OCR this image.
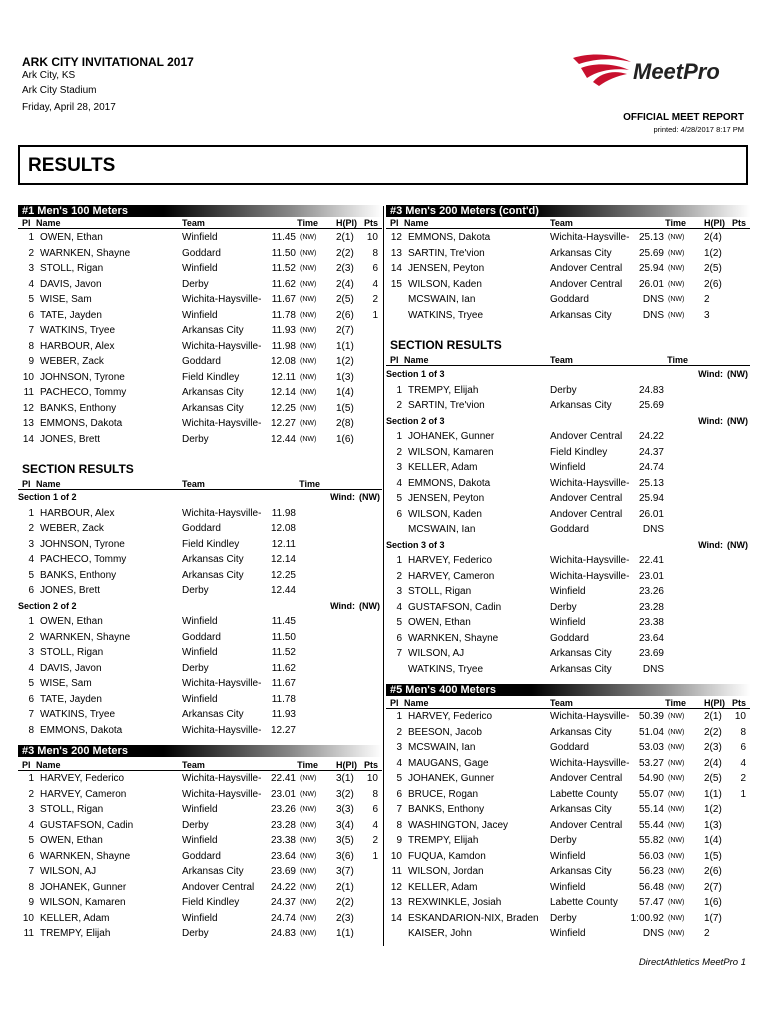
ARK CITY INVITATIONAL 2017
Ark City, KS
Ark City Stadium
Friday, April 28, 2017
MeetPro
OFFICIAL MEET REPORT
printed: 4/28/2017 8:17 PM
RESULTS
#1 Men's 100 Meters
Pl Name	Team	Time H(Pl) Pts
1 OWEN, Ethan	Winfield	11.45 (NW) 2(1)	10
2 WARNKEN, Shayne	Goddard	11.50 (NW) 2(2)	8
3 STOLL, Rigan	Winfield	11.52 (NW) 2(3)	6
4 DAVIS, Javon	Derby	11.62 (NW) 2(4)	4
5 WISE, Sam	Wichita-Haysville-	11.67 (NW) 2(5)	2
6 TATE, Jayden	Winfield	11.78 (NW) 2(6)	1
7 WATKINS, Tryee	Arkansas City	11.93 (NW) 2(7)
8 HARBOUR, Alex	Wichita-Haysville-	11.98 (NW) 1(1)
9 WEBER, Zack	Goddard	12.08 (NW) 1(2)
10 JOHNSON, Tyrone	Field Kindley	12.11 (NW) 1(3)
11 PACHECO, Tommy	Arkansas City	12.14 (NW) 1(4)
12 BANKS, Enthony	Arkansas City	12.25 (NW) 1(5)
13 EMMONS, Dakota	Wichita-Haysville- 12.27 (NW) 2(8)
14 JONES, Brett	Derby	12.44 (NW) 1(6)
SECTION RESULTS
Pl Name	Team	Time
Section 1 of 2	Wind: (NW)
1 HARBOUR, Alex	Wichita-Haysville-	11.98
2 WEBER, Zack	Goddard	12.08
3 JOHNSON, Tyrone	Field Kindley	12.11
4 PACHECO, Tommy	Arkansas City	12.14
5 BANKS, Enthony	Arkansas City	12.25
6 JONES, Brett	Derby	12.44
Section 2 of 2	Wind: (NW)
1 OWEN, Ethan	Winfield	11.45
2 WARNKEN, Shayne	Goddard	11.50
3 STOLL, Rigan	Winfield	11.52
4 DAVIS, Javon	Derby	11.62
5 WISE, Sam	Wichita-Haysville-	11.67
6 TATE, Jayden	Winfield	11.78
7 WATKINS, Tryee	Arkansas City	11.93
8 EMMONS, Dakota	Wichita-Haysville- 12.27
#3 Men's 200 Meters
Pl Name	Team	Time H(Pl) Pts
1 HARVEY, Federico	Wichita-Haysville- 22.41 (NW) 3(1)	10
2 HARVEY, Cameron	Wichita-Haysville- 23.01 (NW) 3(2)	8
3 STOLL, Rigan	Winfield	23.26 (NW) 3(3)	6
4 GUSTAFSON, Cadin	Derby	23.28 (NW) 3(4)	4
5 OWEN, Ethan	Winfield	23.38 (NW) 3(5)	2
6 WARNKEN, Shayne	Goddard	23.64 (NW) 3(6)	1
7 WILSON, AJ	Arkansas City	23.69 (NW) 3(7)
8 JOHANEK, Gunner	Andover Central	24.22 (NW) 2(1)
9 WILSON, Kamaren	Field Kindley	24.37 (NW) 2(2)
10 KELLER, Adam	Winfield	24.74 (NW) 2(3)
11 TREMPY, Elijah	Derby	24.83 (NW) 1(1)
#3 Men's 200 Meters (cont'd)
Pl Name	Team	Time H(Pl) Pts
12 EMMONS, Dakota	Wichita-Haysville- 25.13 (NW) 2(4)
13 SARTIN, Tre'vion	Arkansas City	25.69 (NW) 1(2)
14 JENSEN, Peyton	Andover Central	25.94 (NW) 2(5)
15 WILSON, Kaden	Andover Central	26.01 (NW) 2(6)
MCSWAIN, Ian	Goddard	DNS (NW) 2
WATKINS, Tryee	Arkansas City	DNS (NW) 3
SECTION RESULTS
Pl Name	Team	Time
Section 1 of 3	Wind: (NW)
1 TREMPY, Elijah	Derby	24.83
2 SARTIN, Tre'vion	Arkansas City	25.69
Section 2 of 3	Wind: (NW)
1 JOHANEK, Gunner	Andover Central	24.22
2 WILSON, Kamaren	Field Kindley	24.37
3 KELLER, Adam	Winfield	24.74
4 EMMONS, Dakota	Wichita-Haysville- 25.13
5 JENSEN, Peyton	Andover Central	25.94
6 WILSON, Kaden	Andover Central	26.01
MCSWAIN, Ian	Goddard	DNS
Section 3 of 3	Wind: (NW)
1 HARVEY, Federico	Wichita-Haysville- 22.41
2 HARVEY, Cameron	Wichita-Haysville- 23.01
3 STOLL, Rigan	Winfield	23.26
4 GUSTAFSON, Cadin	Derby	23.28
5 OWEN, Ethan	Winfield	23.38
6 WARNKEN, Shayne	Goddard	23.64
7 WILSON, AJ	Arkansas City	23.69
WATKINS, Tryee	Arkansas City	DNS
#5 Men's 400 Meters
Pl Name	Team	Time H(Pl) Pts
1 HARVEY, Federico	Wichita-Haysville- 50.39 (NW) 2(1)	10
2 BEESON, Jacob	Arkansas City	51.04 (NW) 2(2)	8
3 MCSWAIN, Ian	Goddard	53.03 (NW) 2(3)	6
4 MAUGANS, Gage	Wichita-Haysville- 53.27 (NW) 2(4)	4
5 JOHANEK, Gunner	Andover Central	54.90 (NW) 2(5)	2
6 BRUCE, Rogan	Labette County	55.07 (NW) 1(1)	1
7 BANKS, Enthony	Arkansas City	55.14 (NW) 1(2)
8 WASHINGTON, Jacey	Andover Central	55.44 (NW) 1(3)
9 TREMPY, Elijah	Derby	55.82 (NW) 1(4)
10 FUQUA, Kamdon	Winfield	56.03 (NW) 1(5)
11 WILSON, Jordan	Arkansas City	56.23 (NW) 2(6)
12 KELLER, Adam	Winfield	56.48 (NW) 2(7)
13 REXWINKLE, Josiah	Labette County	57.47 (NW) 1(6)
14 ESKANDARION-NIX, Braden Derby	1:00.92 (NW) 1(7)
KAISER, John	Winfield	DNS (NW) 2
DirectAthletics MeetPro 1
